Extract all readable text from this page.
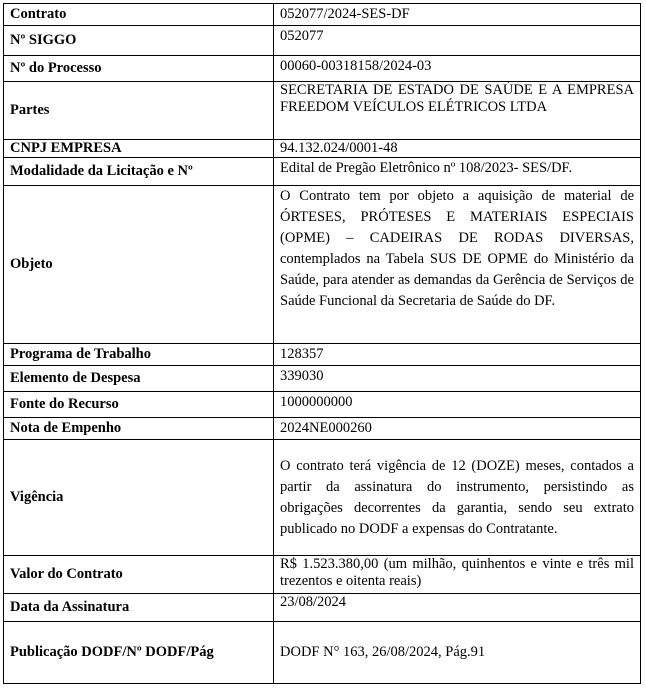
Contrato	052077/2024-SES-DF
Nº SIGGO	052077
Nº do Processo	00060-00318158/2024-03
Partes	SECRETARIA DE ESTADO DE SAÚDE E A EMPRESA FREEDOM VEÍCULOS ELÉTRICOS LTDA
CNPJ EMPRESA	94.132.024/0001-48
Modalidade da Licitação e Nº	Edital de Pregão Eletrônico nº 108/2023- SES/DF.
Objeto	O Contrato tem por objeto a aquisição de material de ÓRTESES, PRÓTESES E MATERIAIS ESPECIAIS (OPME) – CADEIRAS DE RODAS DIVERSAS, contemplados na Tabela SUS DE OPME do Ministério da Saúde, para atender as demandas da Gerência de Serviços de Saúde Funcional da Secretaria de Saúde do DF.
Programa de Trabalho	128357
Elemento de Despesa	339030
Fonte do Recurso	1000000000
Nota de Empenho	2024NE000260
Vigência	O contrato terá vigência de 12 (DOZE) meses, contados a partir da assinatura do instrumento, persistindo as obrigações decorrentes da garantia, sendo seu extrato publicado no DODF a expensas do Contratante.
Valor do Contrato	R$ 1.523.380,00 (um milhão, quinhentos e vinte e três mil trezentos e oitenta reais)
Data da Assinatura	23/08/2024
Publicação DODF/Nº DODF/Pág	DODF N° 163, 26/08/2024, Pág.91
